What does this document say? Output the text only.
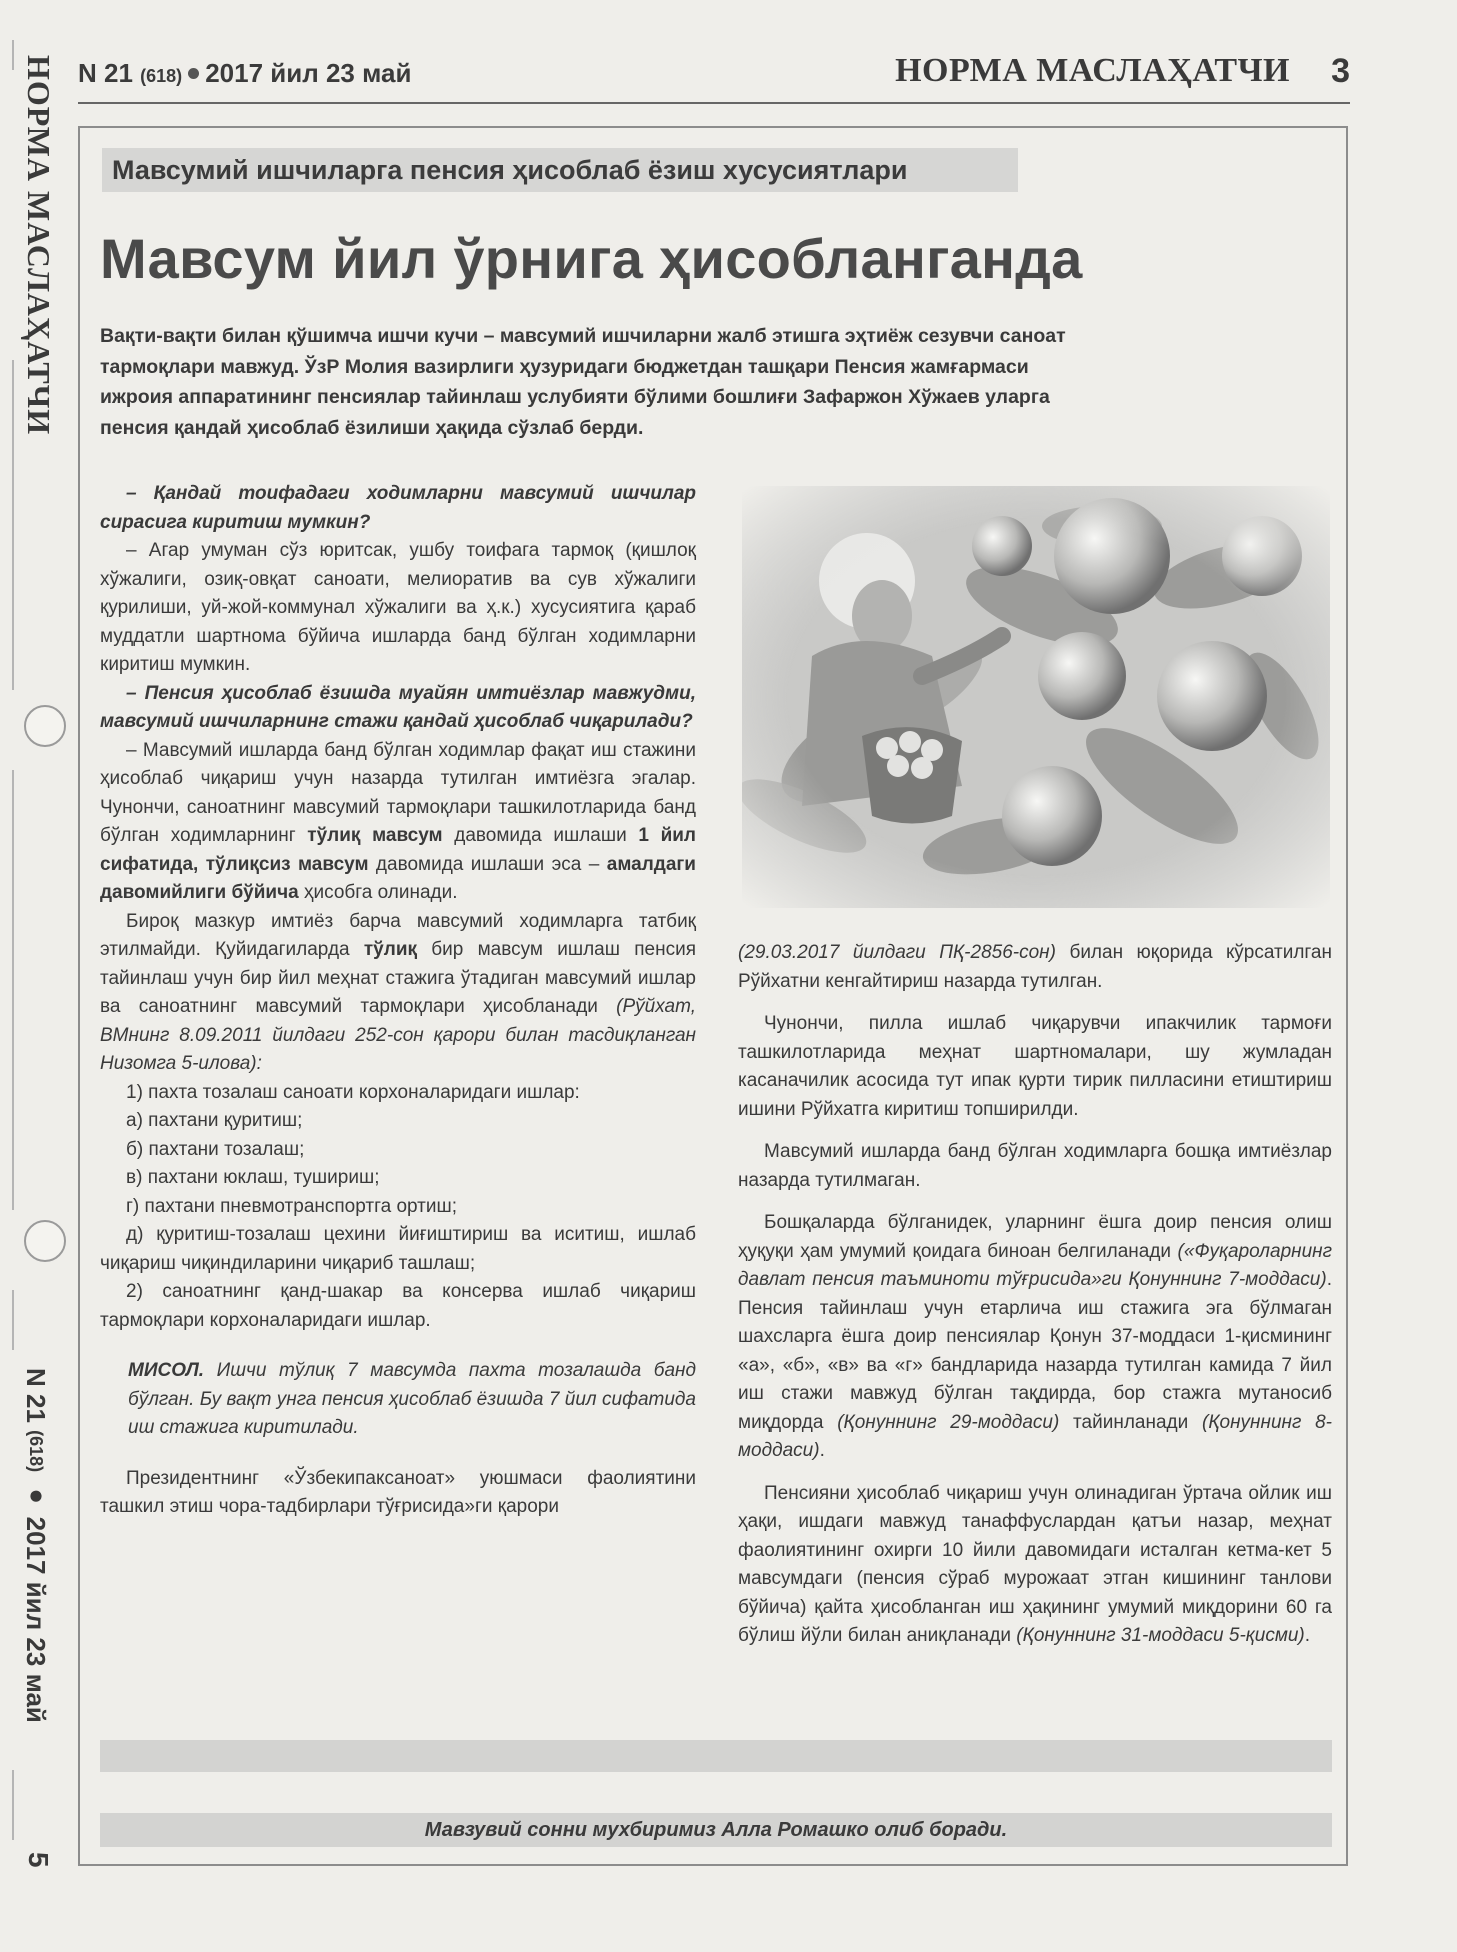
НОРМА МАСЛАҲАТЧИ
N 21 (618) ● 2017 йил 23 май
5
N 21 (618) 2017 йил 23 май	НОРМА МАСЛАҲАТЧИ 3
Мавсумий ишчиларга пенсия ҳисоблаб ёзиш хусусиятлари
Мавсум йил ўрнига ҳисобланганда
Вақти-вақти билан қўшимча ишчи кучи – мавсумий ишчиларни жалб этишга эҳтиёж сезувчи саноат
тармоқлари мавжуд. ЎзР Молия вазирлиги ҳузуридаги бюджетдан ташқари Пенсия жамғармаси
ижроия аппаратининг пенсиялар тайинлаш услубияти бўлими бошлиғи Зафаржон Хўжаев уларга
пенсия қандай ҳисоблаб ёзилиши ҳақида сўзлаб берди.

– Қандай тоифадаги ходимларни мавсумий ишчилар сирасига киритиш мумкин?

– Агар умуман сўз юритсак, ушбу тоифага тармоқ (қишлоқ хўжалиги, озиқ-овқат саноати, мелиоратив ва сув хўжалиги қурилиши, уй-жой-коммунал хўжалиги ва ҳ.к.) хусусиятига қараб муддатли шартнома бўйича ишларда банд бўлган ходимларни киритиш мумкин.

– Пенсия ҳисоблаб ёзишда муайян имтиёзлар мавжудми, мавсумий ишчиларнинг стажи қандай ҳисоблаб чиқарилади?

– Мавсумий ишларда банд бўлган ходимлар фақат иш стажини ҳисоблаб чиқариш учун назарда тутилган имтиёзга эгалар. Чунончи, саноатнинг мавсумий тармоқлари ташкилотларида банд бўлган ходимларнинг тўлиқ мавсум давомида ишлаши 1 йил сифатида, тўлиқсиз мавсум давомида ишлаши эса – амалдаги давомийлиги бўйича ҳисобга олинади.

Бироқ мазкур имтиёз барча мавсумий ходимларга татбиқ этилмайди. Қуйидагиларда тўлиқ бир мавсум ишлаш пенсия тайинлаш учун бир йил меҳнат стажига ўтадиган мавсумий ишлар ва саноатнинг мавсумий тармоқлари ҳисобланади (Рўйхат, ВМнинг 8.09.2011 йилдаги 252-сон қарори билан тасдиқланган Низомга 5-илова):

1) пахта тозалаш саноати корхоналаридаги ишлар:

а) пахтани қуритиш;

б) пахтани тозалаш;

в) пахтани юклаш, тушириш;

г) пахтани пневмотранспортга ортиш;

д) қуритиш-тозалаш цехини йиғиштириш ва иситиш, ишлаб чиқариш чиқиндиларини чиқариб ташлаш;

2) саноатнинг қанд-шакар ва консерва ишлаб чиқариш тармоқлари корхоналаридаги ишлар.

МИСОЛ. Ишчи тўлиқ 7 мавсумда пахта тозалашда банд бўлган. Бу вақт унга пенсия ҳисоблаб ёзишда 7 йил сифатида иш стажига киритилади.

Президентнинг «Ўзбекипаксаноат» уюшмаси фаолиятини ташкил этиш чора-тадбирлари тўғрисида»ги қарори

(29.03.2017 йилдаги ПҚ-2856-сон) билан юқорида кўрсатилган Рўйхатни кенгайтириш назарда тутилган.

Чунончи, пилла ишлаб чиқарувчи ипакчилик тармоғи ташкилотларида меҳнат шартномалари, шу жумладан касаначилик асосида тут ипак қурти тирик пилласини етиштириш ишини Рўйхатга киритиш топширилди.

Мавсумий ишларда банд бўлган ходимларга бошқа имтиёзлар назарда тутилмаган.

Бошқаларда бўлганидек, уларнинг ёшга доир пенсия олиш ҳуқуқи ҳам умумий қоидага биноан белгиланади («Фуқароларнинг давлат пенсия таъминоти тўғрисида»ги Қонуннинг 7-моддаси). Пенсия тайинлаш учун етарлича иш стажига эга бўлмаган шахсларга ёшга доир пенсиялар Қонун 37-моддаси 1-қисмининг «а», «б», «в» ва «г» бандларида назарда тутилган камида 7 йил иш стажи мавжуд бўлган тақдирда, бор стажга мутаносиб миқдорда (Қонуннинг 29-моддаси) тайинланади (Қонуннинг 8-моддаси).

Пенсияни ҳисоблаб чиқариш учун олинадиган ўртача ойлик иш ҳақи, ишдаги мавжуд танаффуслардан қатъи назар, меҳнат фаолиятининг охирги 10 йили давомидаги исталган кетма-кет 5 мавсумдаги (пенсия сўраб мурожаат этган кишининг танлови бўйича) қайта ҳисобланган иш ҳақининг умумий миқдорини 60 га бўлиш йўли билан аниқланади (Қонуннинг 31-моддаси 5-қисми).

Мавзувий сонни мухбиримиз Алла Ромашко олиб боради.
